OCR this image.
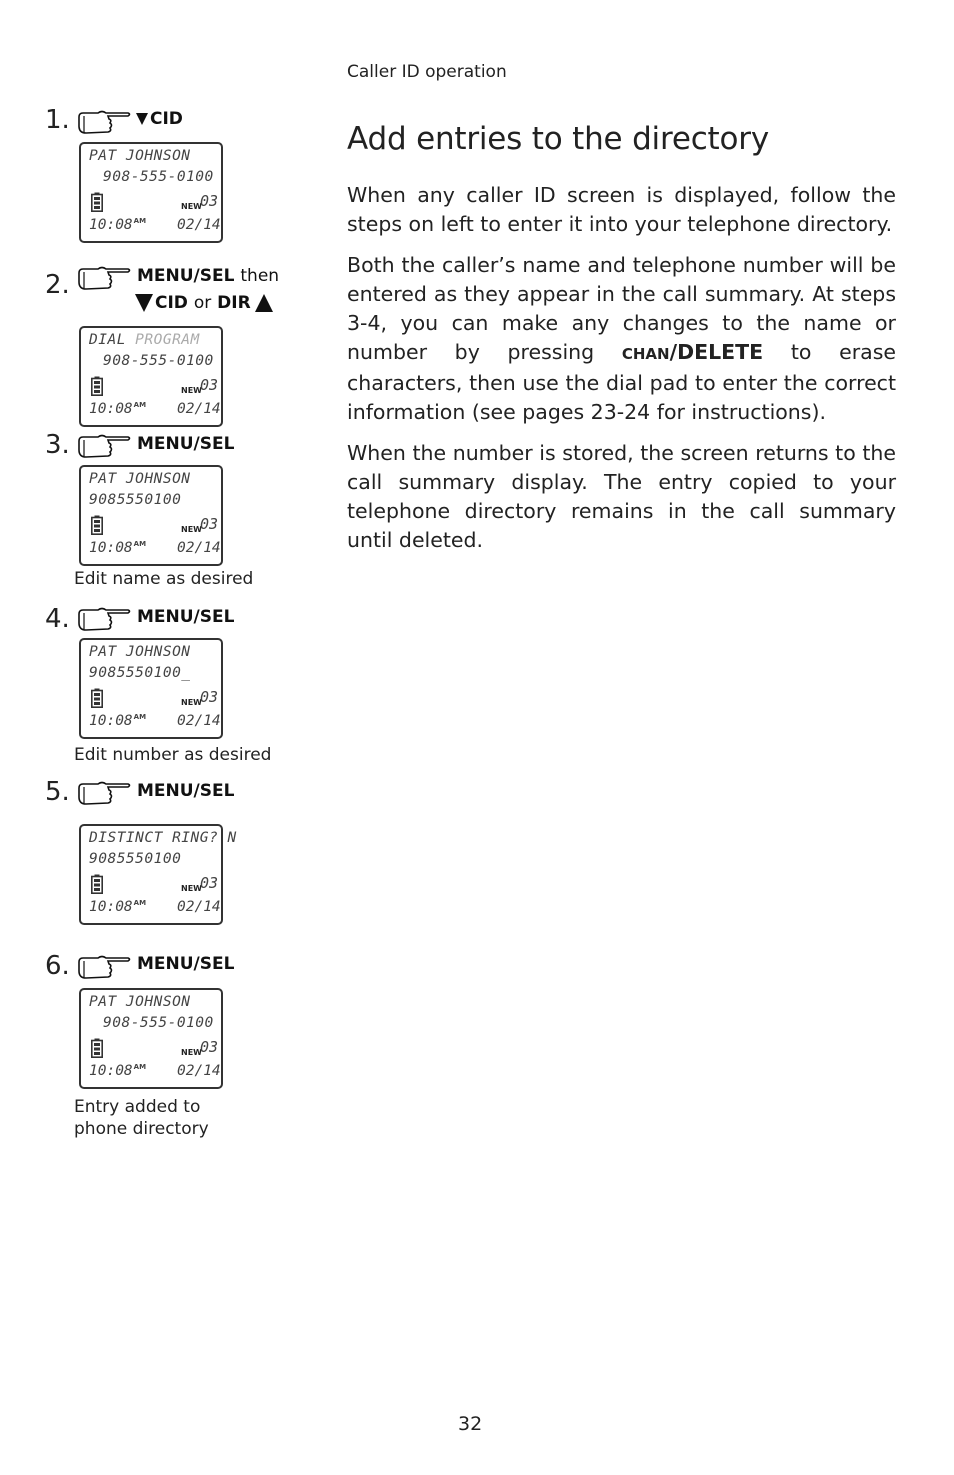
Caller ID operation
Add entries to the directory

When any caller ID screen is displayed, follow the steps on left to enter it into your telephone directory.

Both the caller’s name and telephone number will be entered as they appear in the call summary. At steps 3-4, you can make any changes to the name or number by pressing CHAN/DELETE to erase characters, then use the dial pad to enter the correct information (see pages 23-24 for instructions).

When the number is stored, the screen returns to the call summary display. The entry copied to your telephone directory remains in the call summary until deleted.

1.	CID
PAT JOHNSON
908-555-0100
NEW
03
$10:08^{AM}$ 02/14
2.	MENU/SEL then
CID or DIR
DIAL PROGRAM
908-555-0100
NEW
03
$10:08^{AM}$ 02/14
3.	MENU/SEL
PAT JOHNSON
9085550100
NEW
03
$10:08^{AM}$ 02/14
Edit name as desired
4.	MENU/SEL
PAT JOHNSON
9085550100_
NEW
03
$10:08^{AM}$ 02/14
Edit number as desired
5.	MENU/SEL
DISTINCT RING? N
9085550100
NEW
03
$10:08^{AM}$ 02/14
6.	MENU/SEL
PAT JOHNSON
908-555-0100
NEW
03
$10:08^{AM}$ 02/14
Entry added to
phone directory
32
